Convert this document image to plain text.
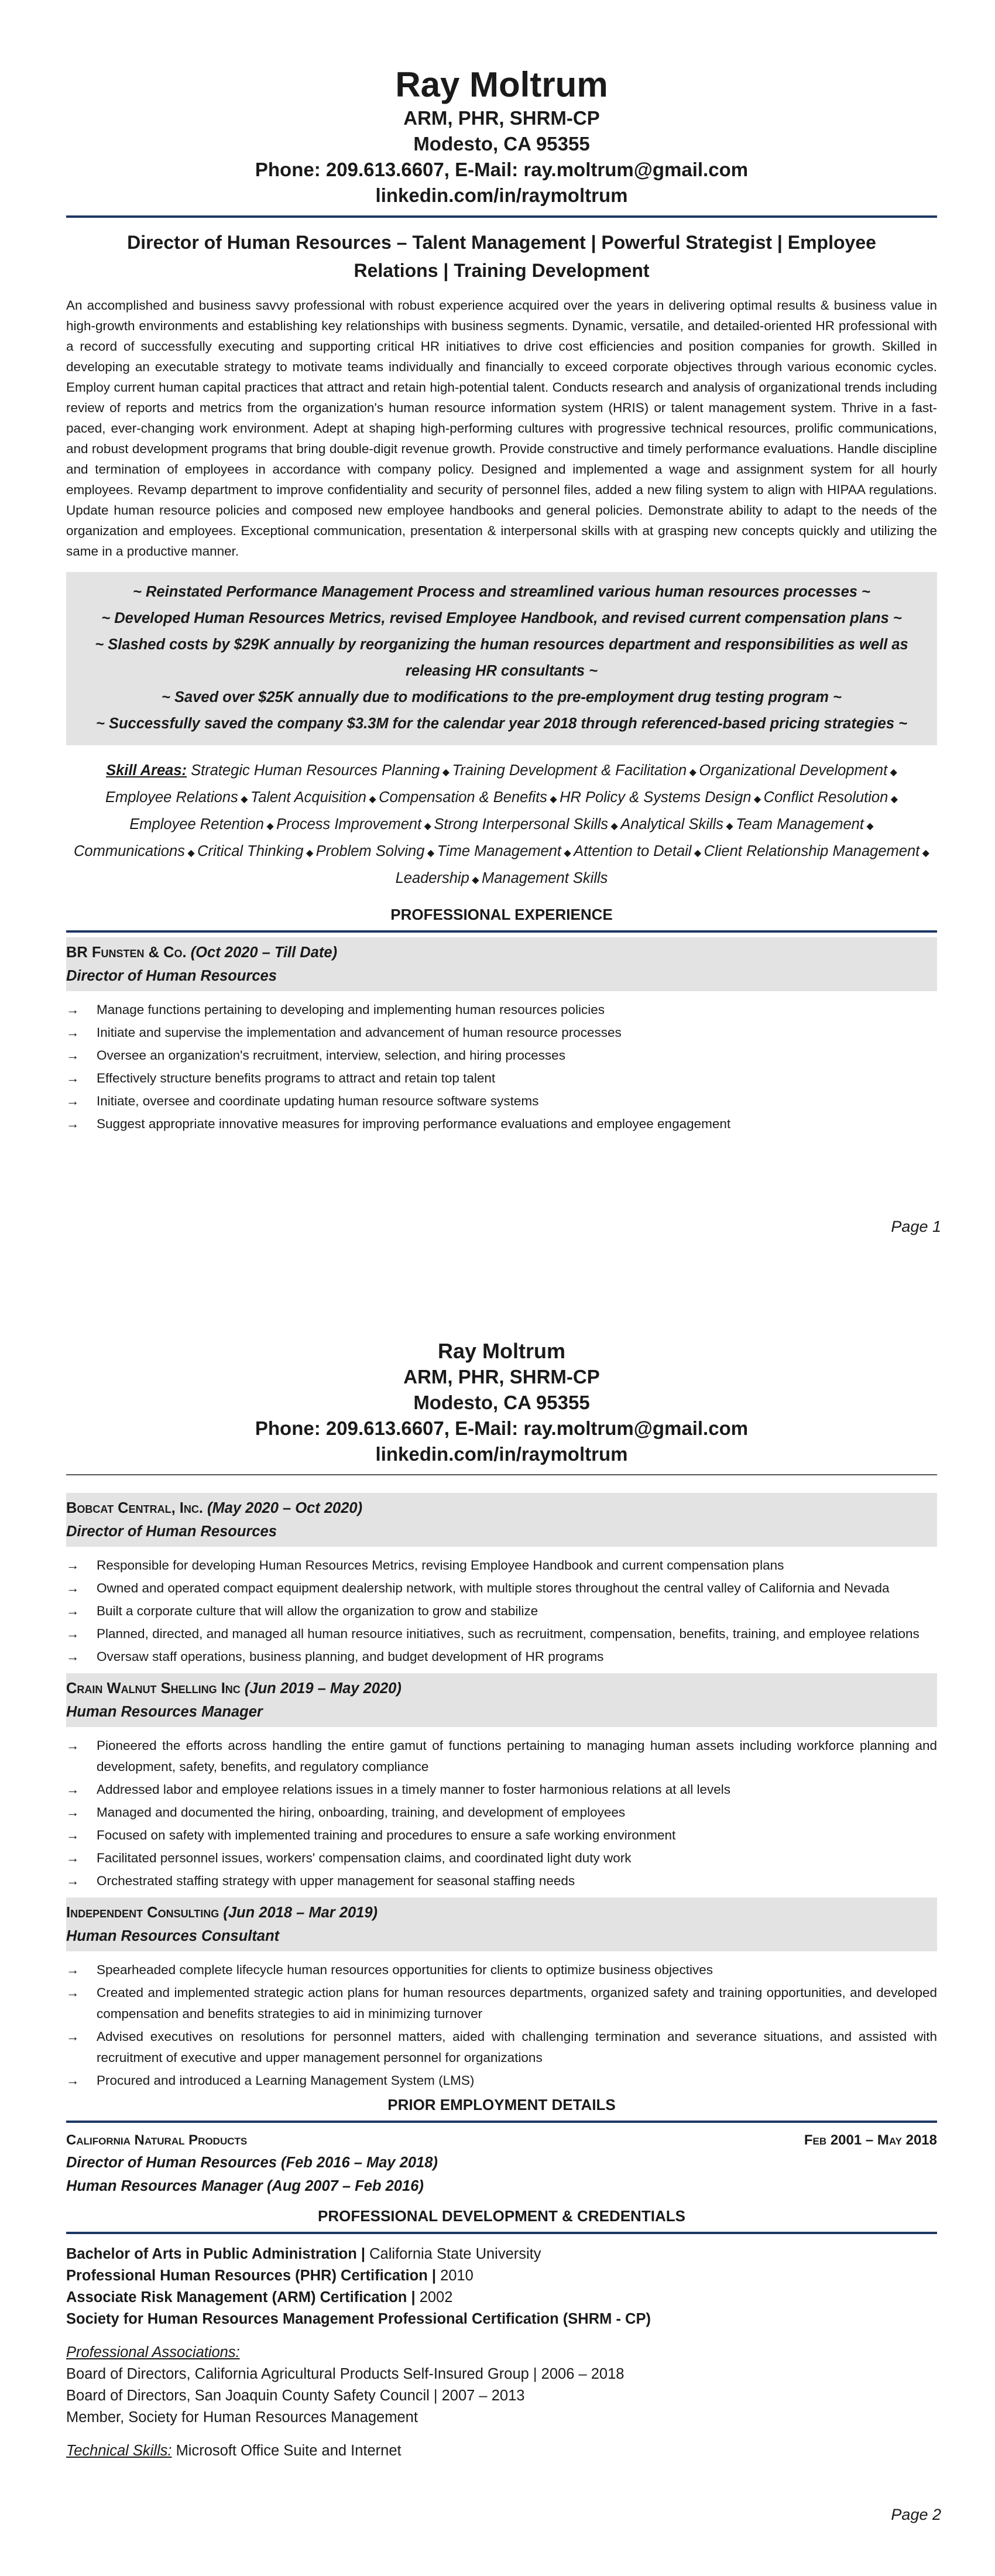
Ray Moltrum
ARM, PHR, SHRM-CP
Modesto, CA 95355
Phone: 209.613.6607, E-Mail: ray.moltrum@gmail.com
linkedin.com/in/raymoltrum
Director of Human Resources – Talent Management | Powerful Strategist | Employee Relations | Training Development
An accomplished and business savvy professional with robust experience acquired over the years in delivering optimal results & business value in high-growth environments and establishing key relationships with business segments. Dynamic, versatile, and detailed-oriented HR professional with a record of successfully executing and supporting critical HR initiatives to drive cost efficiencies and position companies for growth. Skilled in developing an executable strategy to motivate teams individually and financially to exceed corporate objectives through various economic cycles. Employ current human capital practices that attract and retain high-potential talent. Conducts research and analysis of organizational trends including review of reports and metrics from the organization's human resource information system (HRIS) or talent management system. Thrive in a fast-paced, ever-changing work environment. Adept at shaping high-performing cultures with progressive technical resources, prolific communications, and robust development programs that bring double-digit revenue growth. Provide constructive and timely performance evaluations. Handle discipline and termination of employees in accordance with company policy. Designed and implemented a wage and assignment system for all hourly employees. Revamp department to improve confidentiality and security of personnel files, added a new filing system to align with HIPAA regulations. Update human resource policies and composed new employee handbooks and general policies. Demonstrate ability to adapt to the needs of the organization and employees. Exceptional communication, presentation & interpersonal skills with at grasping new concepts quickly and utilizing the same in a productive manner.
~ Reinstated Performance Management Process and streamlined various human resources processes ~
~ Developed Human Resources Metrics, revised Employee Handbook, and revised current compensation plans ~
~ Slashed costs by $29K annually by reorganizing the human resources department and responsibilities as well as releasing HR consultants ~
~ Saved over $25K annually due to modifications to the pre-employment drug testing program ~
~ Successfully saved the company $3.3M for the calendar year 2018 through referenced-based pricing strategies ~
Skill Areas: Strategic Human Resources Planning ◆ Training Development & Facilitation ◆ Organizational Development ◆ Employee Relations ◆ Talent Acquisition ◆ Compensation & Benefits ◆ HR Policy & Systems Design ◆ Conflict Resolution ◆ Employee Retention ◆ Process Improvement ◆ Strong Interpersonal Skills ◆ Analytical Skills ◆ Team Management ◆ Communications ◆ Critical Thinking ◆ Problem Solving ◆ Time Management ◆ Attention to Detail ◆ Client Relationship Management ◆ Leadership ◆ Management Skills
PROFESSIONAL EXPERIENCE
BR Funsten & Co. (Oct 2020 – Till Date)
Director of Human Resources
→ Manage functions pertaining to developing and implementing human resources policies
→ Initiate and supervise the implementation and advancement of human resource processes
→ Oversee an organization's recruitment, interview, selection, and hiring processes
→ Effectively structure benefits programs to attract and retain top talent
→ Initiate, oversee and coordinate updating human resource software systems
→ Suggest appropriate innovative measures for improving performance evaluations and employee engagement
Page 1
Ray Moltrum
ARM, PHR, SHRM-CP
Modesto, CA 95355
Phone: 209.613.6607, E-Mail: ray.moltrum@gmail.com
linkedin.com/in/raymoltrum
Bobcat Central, Inc. (May 2020 – Oct 2020)
Director of Human Resources
→ Responsible for developing Human Resources Metrics, revising Employee Handbook and current compensation plans
→ Owned and operated compact equipment dealership network, with multiple stores throughout the central valley of California and Nevada
→ Built a corporate culture that will allow the organization to grow and stabilize
→ Planned, directed, and managed all human resource initiatives, such as recruitment, compensation, benefits, training, and employee relations
→ Oversaw staff operations, business planning, and budget development of HR programs
Crain Walnut Shelling Inc (Jun 2019 – May 2020)
Human Resources Manager
→ Pioneered the efforts across handling the entire gamut of functions pertaining to managing human assets including workforce planning and development, safety, benefits, and regulatory compliance
→ Addressed labor and employee relations issues in a timely manner to foster harmonious relations at all levels
→ Managed and documented the hiring, onboarding, training, and development of employees
→ Focused on safety with implemented training and procedures to ensure a safe working environment
→ Facilitated personnel issues, workers' compensation claims, and coordinated light duty work
→ Orchestrated staffing strategy with upper management for seasonal staffing needs
Independent Consulting (Jun 2018 – Mar 2019)
Human Resources Consultant
→ Spearheaded complete lifecycle human resources opportunities for clients to optimize business objectives
→ Created and implemented strategic action plans for human resources departments, organized safety and training opportunities, and developed compensation and benefits strategies to aid in minimizing turnover
→ Advised executives on resolutions for personnel matters, aided with challenging termination and severance situations, and assisted with recruitment of executive and upper management personnel for organizations
→ Procured and introduced a Learning Management System (LMS)
PRIOR EMPLOYMENT DETAILS
California Natural Products	Feb 2001 – May 2018
Director of Human Resources (Feb 2016 – May 2018)
Human Resources Manager (Aug 2007 – Feb 2016)
PROFESSIONAL DEVELOPMENT & CREDENTIALS
Bachelor of Arts in Public Administration | California State University
Professional Human Resources (PHR) Certification | 2010
Associate Risk Management (ARM) Certification | 2002
Society for Human Resources Management Professional Certification (SHRM - CP)
Professional Associations:
Board of Directors, California Agricultural Products Self-Insured Group | 2006 – 2018
Board of Directors, San Joaquin County Safety Council | 2007 – 2013
Member, Society for Human Resources Management
Technical Skills: Microsoft Office Suite and Internet
Page 2
